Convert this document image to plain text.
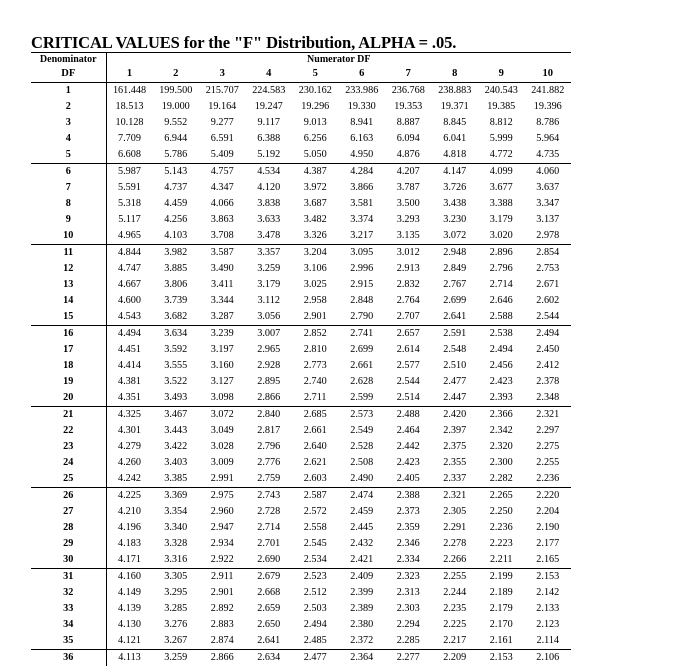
CRITICAL VALUES for the "F" Distribution, ALPHA = .05.
Denominator	Numerator DF									
DF	1	2	3	4	5	6	7	8	9	10
1	161.448	199.500	215.707	224.583	230.162	233.986	236.768	238.883	240.543	241.882
2	18.513	19.000	19.164	19.247	19.296	19.330	19.353	19.371	19.385	19.396
3	10.128	9.552	9.277	9.117	9.013	8.941	8.887	8.845	8.812	8.786
4	7.709	6.944	6.591	6.388	6.256	6.163	6.094	6.041	5.999	5.964
5	6.608	5.786	5.409	5.192	5.050	4.950	4.876	4.818	4.772	4.735
6	5.987	5.143	4.757	4.534	4.387	4.284	4.207	4.147	4.099	4.060
7	5.591	4.737	4.347	4.120	3.972	3.866	3.787	3.726	3.677	3.637
8	5.318	4.459	4.066	3.838	3.687	3.581	3.500	3.438	3.388	3.347
9	5.117	4.256	3.863	3.633	3.482	3.374	3.293	3.230	3.179	3.137
10	4.965	4.103	3.708	3.478	3.326	3.217	3.135	3.072	3.020	2.978
11	4.844	3.982	3.587	3.357	3.204	3.095	3.012	2.948	2.896	2.854
12	4.747	3.885	3.490	3.259	3.106	2.996	2.913	2.849	2.796	2.753
13	4.667	3.806	3.411	3.179	3.025	2.915	2.832	2.767	2.714	2.671
14	4.600	3.739	3.344	3.112	2.958	2.848	2.764	2.699	2.646	2.602
15	4.543	3.682	3.287	3.056	2.901	2.790	2.707	2.641	2.588	2.544
16	4.494	3.634	3.239	3.007	2.852	2.741	2.657	2.591	2.538	2.494
17	4.451	3.592	3.197	2.965	2.810	2.699	2.614	2.548	2.494	2.450
18	4.414	3.555	3.160	2.928	2.773	2.661	2.577	2.510	2.456	2.412
19	4.381	3.522	3.127	2.895	2.740	2.628	2.544	2.477	2.423	2.378
20	4.351	3.493	3.098	2.866	2.711	2.599	2.514	2.447	2.393	2.348
21	4.325	3.467	3.072	2.840	2.685	2.573	2.488	2.420	2.366	2.321
22	4.301	3.443	3.049	2.817	2.661	2.549	2.464	2.397	2.342	2.297
23	4.279	3.422	3.028	2.796	2.640	2.528	2.442	2.375	2.320	2.275
24	4.260	3.403	3.009	2.776	2.621	2.508	2.423	2.355	2.300	2.255
25	4.242	3.385	2.991	2.759	2.603	2.490	2.405	2.337	2.282	2.236
26	4.225	3.369	2.975	2.743	2.587	2.474	2.388	2.321	2.265	2.220
27	4.210	3.354	2.960	2.728	2.572	2.459	2.373	2.305	2.250	2.204
28	4.196	3.340	2.947	2.714	2.558	2.445	2.359	2.291	2.236	2.190
29	4.183	3.328	2.934	2.701	2.545	2.432	2.346	2.278	2.223	2.177
30	4.171	3.316	2.922	2.690	2.534	2.421	2.334	2.266	2.211	2.165
31	4.160	3.305	2.911	2.679	2.523	2.409	2.323	2.255	2.199	2.153
32	4.149	3.295	2.901	2.668	2.512	2.399	2.313	2.244	2.189	2.142
33	4.139	3.285	2.892	2.659	2.503	2.389	2.303	2.235	2.179	2.133
34	4.130	3.276	2.883	2.650	2.494	2.380	2.294	2.225	2.170	2.123
35	4.121	3.267	2.874	2.641	2.485	2.372	2.285	2.217	2.161	2.114
36	4.113	3.259	2.866	2.634	2.477	2.364	2.277	2.209	2.153	2.106
